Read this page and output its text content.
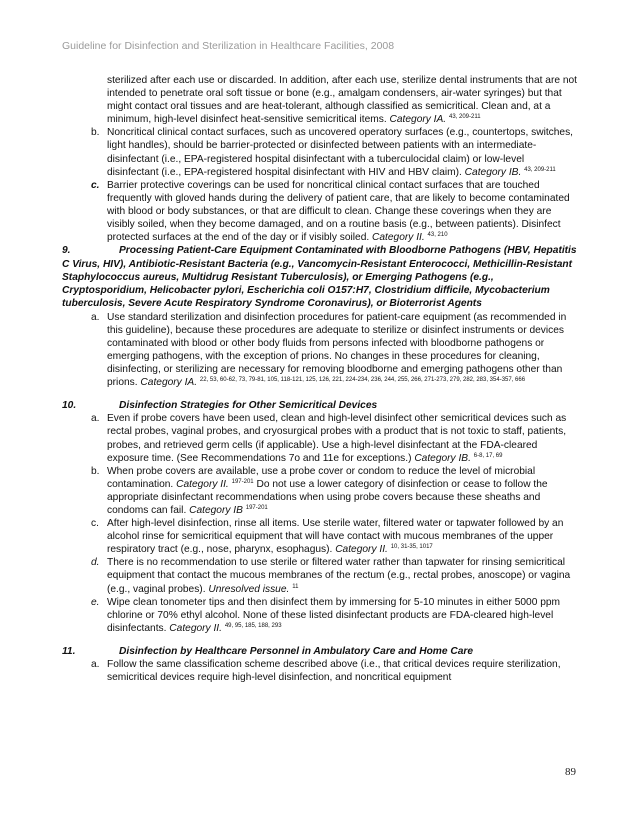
Guideline for Disinfection and Sterilization in Healthcare Facilities, 2008

sterilized after each use or discarded. In addition, after each use, sterilize dental instruments that are not intended to penetrate oral soft tissue or bone (e.g., amalgam condensers, air-water syringes) but that might contact oral tissues and are heat-tolerant, although classified as semicritical. Clean and, at a minimum, high-level disinfect heat-sensitive semicritical items. Category IA. $^{43, 209-211}$

b. Noncritical clinical contact surfaces, such as uncovered operatory surfaces (e.g., countertops, switches, light handles), should be barrier-protected or disinfected between patients with an intermediate-disinfectant (i.e., EPA-registered hospital disinfectant with a tuberculocidal claim) or low-level disinfectant (i.e., EPA-registered hospital disinfectant with HIV and HBV claim). Category IB. $^{43, 209-211}$

c. Barrier protective coverings can be used for noncritical clinical contact surfaces that are touched frequently with gloved hands during the delivery of patient care, that are likely to become contaminated with blood or body substances, or that are difficult to clean. Change these coverings when they are visibly soiled, when they become damaged, and on a routine basis (e.g., between patients). Disinfect protected surfaces at the end of the day or if visibly soiled. Category II. $^{43, 210}$

9.	Processing Patient-Care Equipment Contaminated with Bloodborne Pathogens (HBV, Hepatitis C Virus, HIV), Antibiotic-Resistant Bacteria (e.g., Vancomycin-Resistant Enterococci, Methicillin-Resistant Staphylococcus aureus, Multidrug Resistant Tuberculosis), or Emerging Pathogens (e.g., Cryptosporidium, Helicobacter pylori, Escherichia coli O157:H7, Clostridium difficile, Mycobacterium tuberculosis, Severe Acute Respiratory Syndrome Coronavirus), or Bioterrorist Agents

a. Use standard sterilization and disinfection procedures for patient-care equipment (as recommended in this guideline), because these procedures are adequate to sterilize or disinfect instruments or devices contaminated with blood or other body fluids from persons infected with bloodborne pathogens or emerging pathogens, with the exception of prions. No changes in these procedures for cleaning, disinfecting, or sterilizing are necessary for removing bloodborne and emerging pathogens other than prions. Category IA. $^{22, 53, 60-62, 73, 79-81, 105, 118-121, 125, 126, 221, 224-234, 236, 244, 255, 266, 271-273, 279, 282, 283, 354-357, 666}$

10.	Disinfection Strategies for Other Semicritical Devices

a. Even if probe covers have been used, clean and high-level disinfect other semicritical devices such as rectal probes, vaginal probes, and cryosurgical probes with a product that is not toxic to staff, patients, probes, and retrieved germ cells (if applicable). Use a high-level disinfectant at the FDA-cleared exposure time. (See Recommendations 7o and 11e for exceptions.) Category IB. $^{6-8, 17, 69}$

b. When probe covers are available, use a probe cover or condom to reduce the level of microbial contamination. Category II. $^{197-201}$ Do not use a lower category of disinfection or cease to follow the appropriate disinfectant recommendations when using probe covers because these sheaths and condoms can fail. Category IB $^{197-201}$

c. After high-level disinfection, rinse all items. Use sterile water, filtered water or tapwater followed by an alcohol rinse for semicritical equipment that will have contact with mucous membranes of the upper respiratory tract (e.g., nose, pharynx, esophagus). Category II. $^{10, 31-35, 1017}$

d. There is no recommendation to use sterile or filtered water rather than tapwater for rinsing semicritical equipment that contact the mucous membranes of the rectum (e.g., rectal probes, anoscope) or vagina (e.g., vaginal probes). Unresolved issue. $^{11}$

e. Wipe clean tonometer tips and then disinfect them by immersing for 5-10 minutes in either 5000 ppm chlorine or 70% ethyl alcohol. None of these listed disinfectant products are FDA-cleared high-level disinfectants. Category II. $^{49, 95, 185, 188, 293}$

11.	Disinfection by Healthcare Personnel in Ambulatory Care and Home Care

a. Follow the same classification scheme described above (i.e., that critical devices require sterilization, semicritical devices require high-level disinfection, and noncritical equipment

89
